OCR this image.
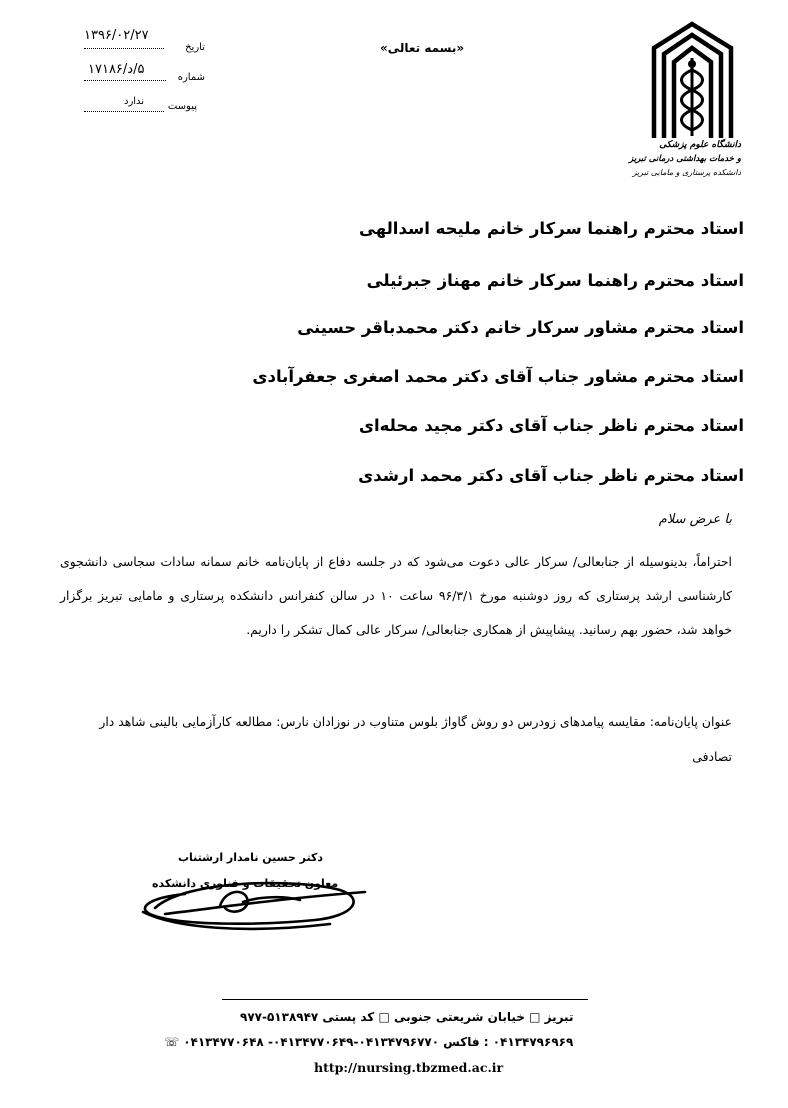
۱۳۹۶/۰۲/۲۷
تاریخ
۵/د/۱۷۱۸۶
شماره
ندارد پیوست
«بسمه تعالی»
دانشگاه علوم پزشکی
و خدمات بهداشتی درمانی تبریز
دانشکده پرستاری و مامایی تبریز
استاد محترم راهنما سرکار خانم ملیحه اسدالهی
استاد محترم راهنما سرکار خانم مهناز جبرئیلی
استاد محترم مشاور سرکار خانم دکتر محمدباقر حسینی
استاد محترم مشاور جناب آقای دکتر محمد اصغری جعفرآبادی
استاد محترم ناظر جناب آقای دکتر مجید محله‌ای
استاد محترم ناظر جناب آقای دکتر محمد ارشدی
با عرض سلام
احتراماً، بدینوسیله از جنابعالی/ سرکار عالی دعوت می‌شود که در جلسه دفاع از پایان‌نامه خانم سمانه سادات سجاسی دانشجوی کارشناسی ارشد پرستاری که روز دوشنبه مورخ ۹۶/۳/۱ ساعت ۱۰ در سالن کنفرانس دانشکده پرستاری و مامایی تبریز برگزار خواهد شد، حضور بهم رسانید. پیشاپیش از همکاری جنابعالی/ سرکار عالی کمال تشکر را داریم.
عنوان پایان‌نامه: مقایسه پیامدهای زودرس دو روش گاواژ بلوس متناوب در نوزادان نارس: مطالعه کارآزمایی بالینی شاهد دار تصادفی
دکتر حسین نامدار ارشتناب
معاون تحقیقات و فناوری دانشکده
تبریز □ خیابان شریعتی جنوبی □ کد پستی ۵۱۳۸۹۴۷-۹۷۷
۰۴۱۳۴۷۹۶۹۶۹ : فاکس ۰۴۱۳۴۷۹۶۷۷۰-۰۴۱۳۴۷۷۰۶۴۹- ۰۴۱۳۴۷۷۰۶۴۸ ☏
http://nursing.tbzmed.ac.ir
